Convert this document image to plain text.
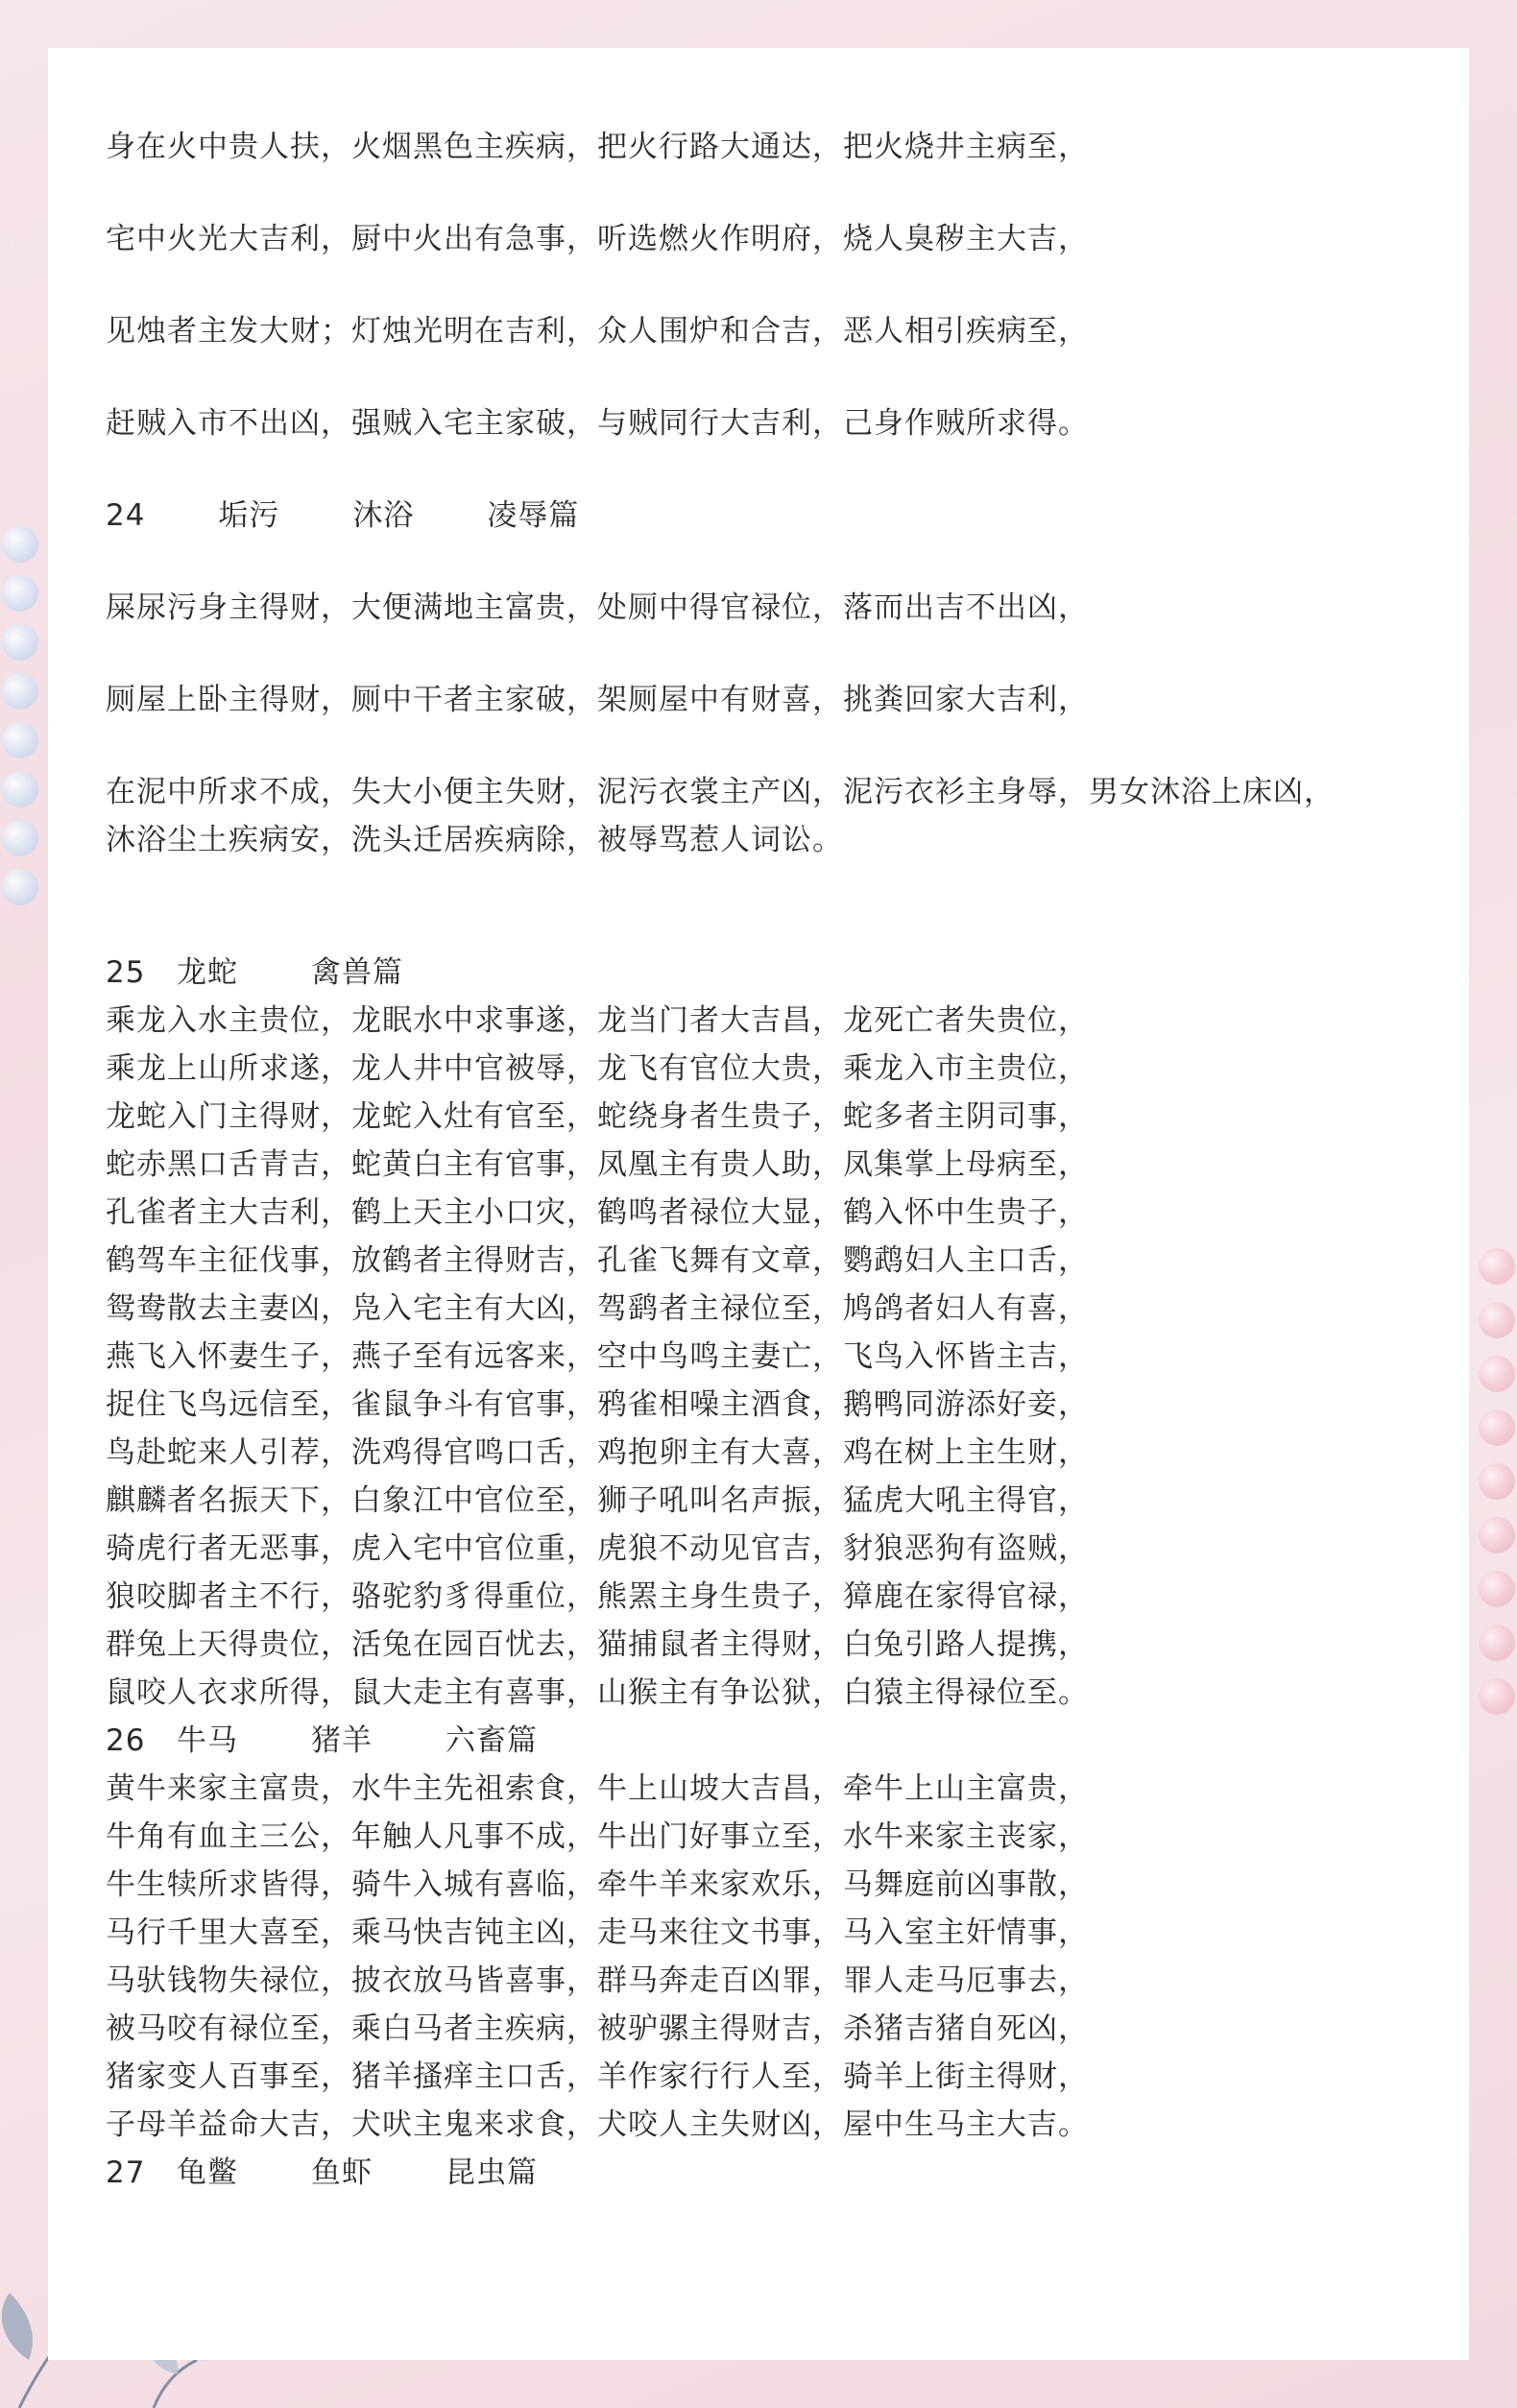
身在火中贵人扶，火烟黑色主疾病，把火行路大通达，把火烧井主病至，
宅中火光大吉利，厨中火出有急事，听选燃火作明府，烧人臭秽主大吉，
见烛者主发大财；灯烛光明在吉利，众人围炉和合吉，恶人相引疾病至，
赶贼入市不出凶，强贼入宅主家破，与贼同行大吉利，己身作贼所求得。
24       垢污       沐浴       凌辱篇
屎尿污身主得财，大便满地主富贵，处厕中得官禄位，落而出吉不出凶，
厕屋上卧主得财，厕中干者主家破，架厕屋中有财喜，挑粪回家大吉利，
在泥中所求不成，失大小便主失财，泥污衣裳主产凶，泥污衣衫主身辱，男女沐浴上床凶，
沐浴尘土疾病安，洗头迁居疾病除，被辱骂惹人词讼。
25   龙蛇       禽兽篇
乘龙入水主贵位，龙眠水中求事遂，龙当门者大吉昌，龙死亡者失贵位，
乘龙上山所求遂，龙人井中官被辱，龙飞有官位大贵，乘龙入市主贵位，
龙蛇入门主得财，龙蛇入灶有官至，蛇绕身者生贵子，蛇多者主阴司事，
蛇赤黑口舌青吉，蛇黄白主有官事，凤凰主有贵人助，凤集掌上母病至，
孔雀者主大吉利，鹤上天主小口灾，鹤鸣者禄位大显，鹤入怀中生贵子，
鹤驾车主征伐事，放鹤者主得财吉，孔雀飞舞有文章，鹦鹉妇人主口舌，
鸳鸯散去主妻凶，凫入宅主有大凶，驾鹞者主禄位至，鸠鸽者妇人有喜，
燕飞入怀妻生子，燕子至有远客来，空中鸟鸣主妻亡，飞鸟入怀皆主吉，
捉住飞鸟远信至，雀鼠争斗有官事，鸦雀相噪主酒食，鹅鸭同游添好妾，
鸟赴蛇来人引荐，洗鸡得官鸣口舌，鸡抱卵主有大喜，鸡在树上主生财，
麒麟者名振天下，白象江中官位至，狮子吼叫名声振，猛虎大吼主得官，
骑虎行者无恶事，虎入宅中官位重，虎狼不动见官吉，豺狼恶狗有盗贼，
狼咬脚者主不行，骆驼豹豸得重位，熊罴主身生贵子，獐鹿在家得官禄，
群兔上天得贵位，活兔在园百忧去，猫捕鼠者主得财，白兔引路人提携，
鼠咬人衣求所得，鼠大走主有喜事，山猴主有争讼狱，白猿主得禄位至。
26   牛马       猪羊       六畜篇
黄牛来家主富贵，水牛主先祖索食，牛上山坡大吉昌，牵牛上山主富贵，
牛角有血主三公，年触人凡事不成，牛出门好事立至，水牛来家主丧家，
牛生犊所求皆得，骑牛入城有喜临，牵牛羊来家欢乐，马舞庭前凶事散，
马行千里大喜至，乘马快吉钝主凶，走马来往文书事，马入室主奸情事，
马驮钱物失禄位，披衣放马皆喜事，群马奔走百凶罪，罪人走马厄事去，
被马咬有禄位至，乘白马者主疾病，被驴骡主得财吉，杀猪吉猪自死凶，
猪家变人百事至，猪羊搔痒主口舌，羊作家行行人至，骑羊上街主得财，
子母羊益命大吉，犬吠主鬼来求食，犬咬人主失财凶，屋中生马主大吉。
27   龟鳖       鱼虾       昆虫篇
